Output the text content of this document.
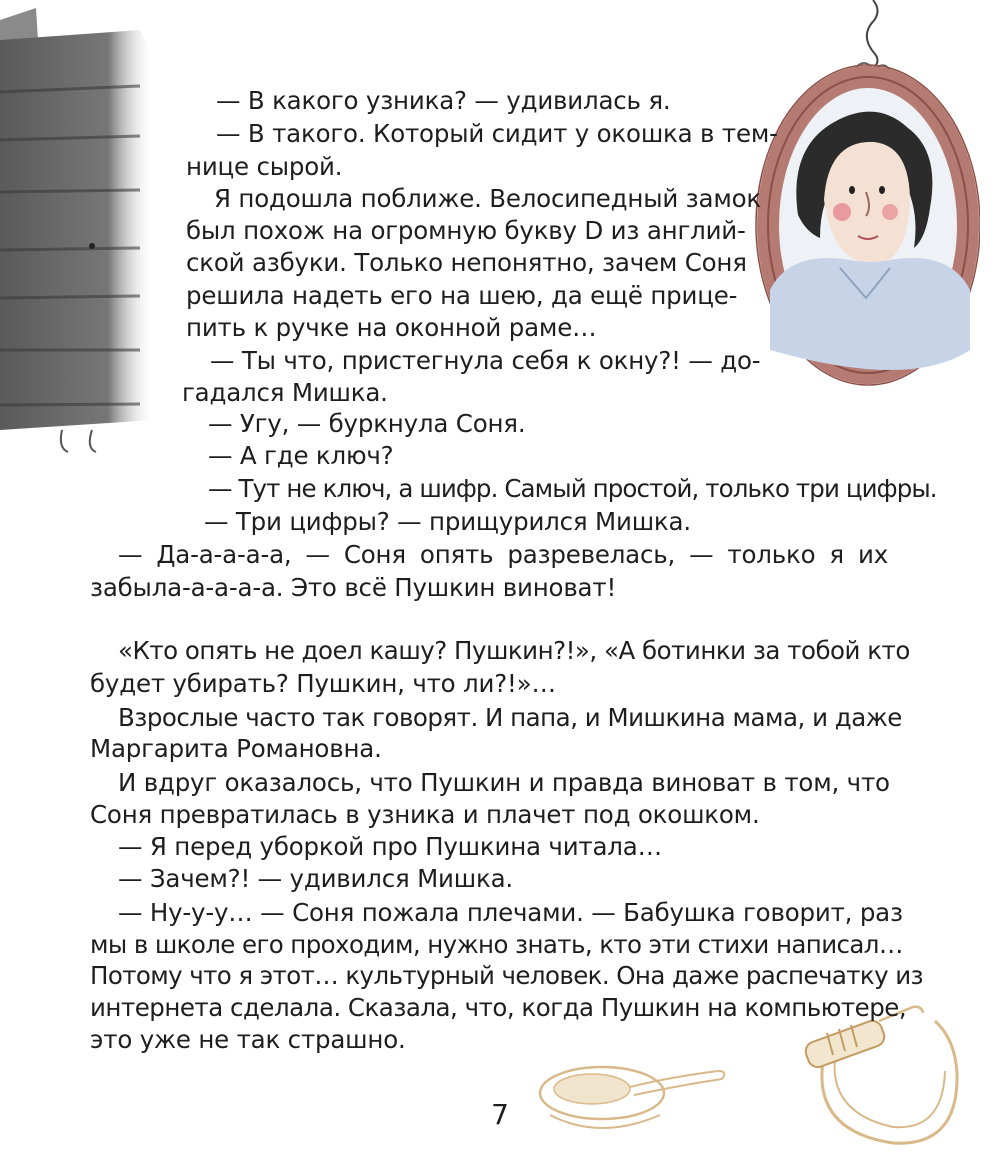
— В какого узника? — удивилась я.
— В такого. Который сидит у окошка в тем-
нице сырой.
Я подошла поближе. Велосипедный замок
был похож на огромную букву D из англий-
ской азбуки. Только непонятно, зачем Соня
решила надеть его на шею, да ещё прице-
пить к ручке на оконной раме…
— Ты что, пристегнула себя к окну?! — до-
гадался Мишка.
— Угу, — буркнула Соня.
— А где ключ?
— Тут не ключ, а шифр. Самый простой, только три цифры.
— Три цифры? — прищурился Мишка.
— Да-а-а-а-а, — Соня опять разревелась, — только я их
забыла-а-а-а-а. Это всё Пушкин виноват!
«Кто опять не доел кашу? Пушкин?!», «А ботинки за тобой кто
будет убирать? Пушкин, что ли?!»…
Взрослые часто так говорят. И папа, и Мишкина мама, и даже
Маргарита Романовна.
И вдруг оказалось, что Пушкин и правда виноват в том, что
Соня превратилась в узника и плачет под окошком.
— Я перед уборкой про Пушкина читала…
— Зачем?! — удивился Мишка.
— Ну-у-у… — Соня пожала плечами. — Бабушка говорит, раз
мы в школе его проходим, нужно знать, кто эти стихи написал…
Потому что я этот… культурный человек. Она даже распечатку из
интернета сделала. Сказала, что, когда Пушкин на компьютере,
это уже не так страшно.
7
